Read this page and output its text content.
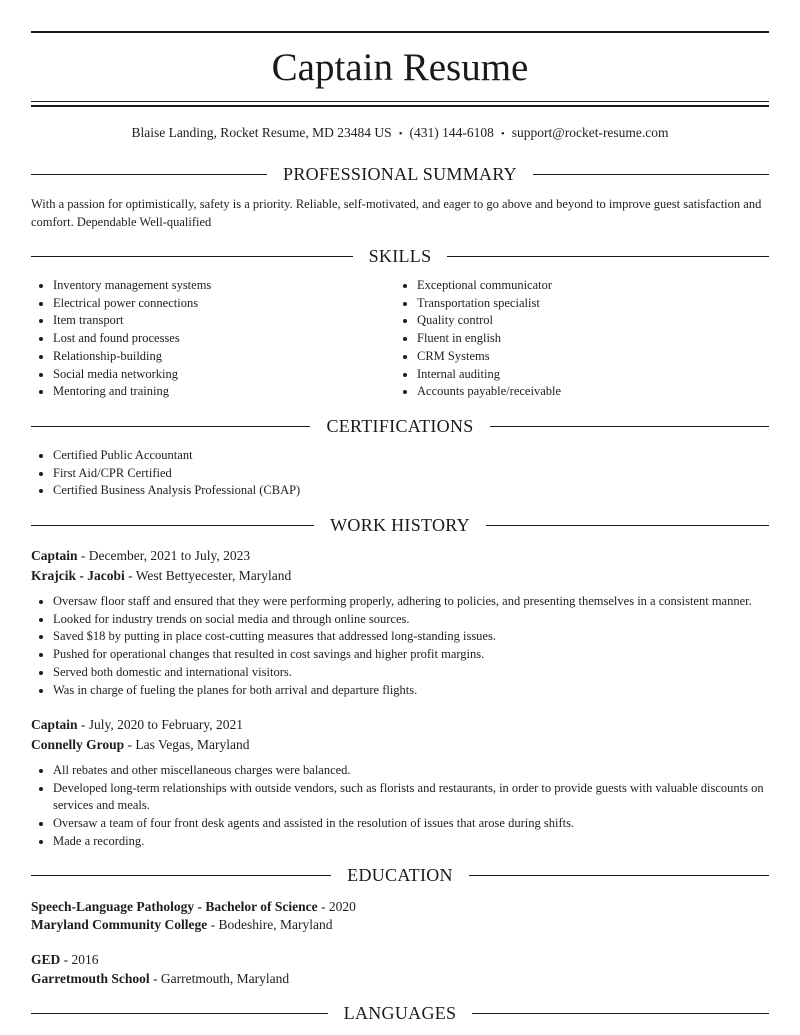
Captain Resume
Blaise Landing, Rocket Resume, MD 23484 US • (431) 144-6108 • support@rocket-resume.com
PROFESSIONAL SUMMARY
With a passion for optimistically, safety is a priority. Reliable, self-motivated, and eager to go above and beyond to improve guest satisfaction and comfort. Dependable Well-qualified
SKILLS
• Inventory management systems
• Electrical power connections
• Item transport
• Lost and found processes
• Relationship-building
• Social media networking
• Mentoring and training
• Exceptional communicator
• Transportation specialist
• Quality control
• Fluent in english
• CRM Systems
• Internal auditing
• Accounts payable/receivable
CERTIFICATIONS
• Certified Public Accountant
• First Aid/CPR Certified
• Certified Business Analysis Professional (CBAP)
WORK HISTORY
Captain - December, 2021 to July, 2023
Krajcik - Jacobi - West Bettyecester, Maryland
• Oversaw floor staff and ensured that they were performing properly, adhering to policies, and presenting themselves in a consistent manner.
• Looked for industry trends on social media and through online sources.
• Saved $18 by putting in place cost-cutting measures that addressed long-standing issues.
• Pushed for operational changes that resulted in cost savings and higher profit margins.
• Served both domestic and international visitors.
• Was in charge of fueling the planes for both arrival and departure flights.
Captain - July, 2020 to February, 2021
Connelly Group - Las Vegas, Maryland
• All rebates and other miscellaneous charges were balanced.
• Developed long-term relationships with outside vendors, such as florists and restaurants, in order to provide guests with valuable discounts on services and meals.
• Oversaw a team of four front desk agents and assisted in the resolution of issues that arose during shifts.
• Made a recording.
EDUCATION
Speech-Language Pathology - Bachelor of Science - 2020
Maryland Community College - Bodeshire, Maryland
GED - 2016
Garretmouth School - Garretmouth, Maryland
LANGUAGES
